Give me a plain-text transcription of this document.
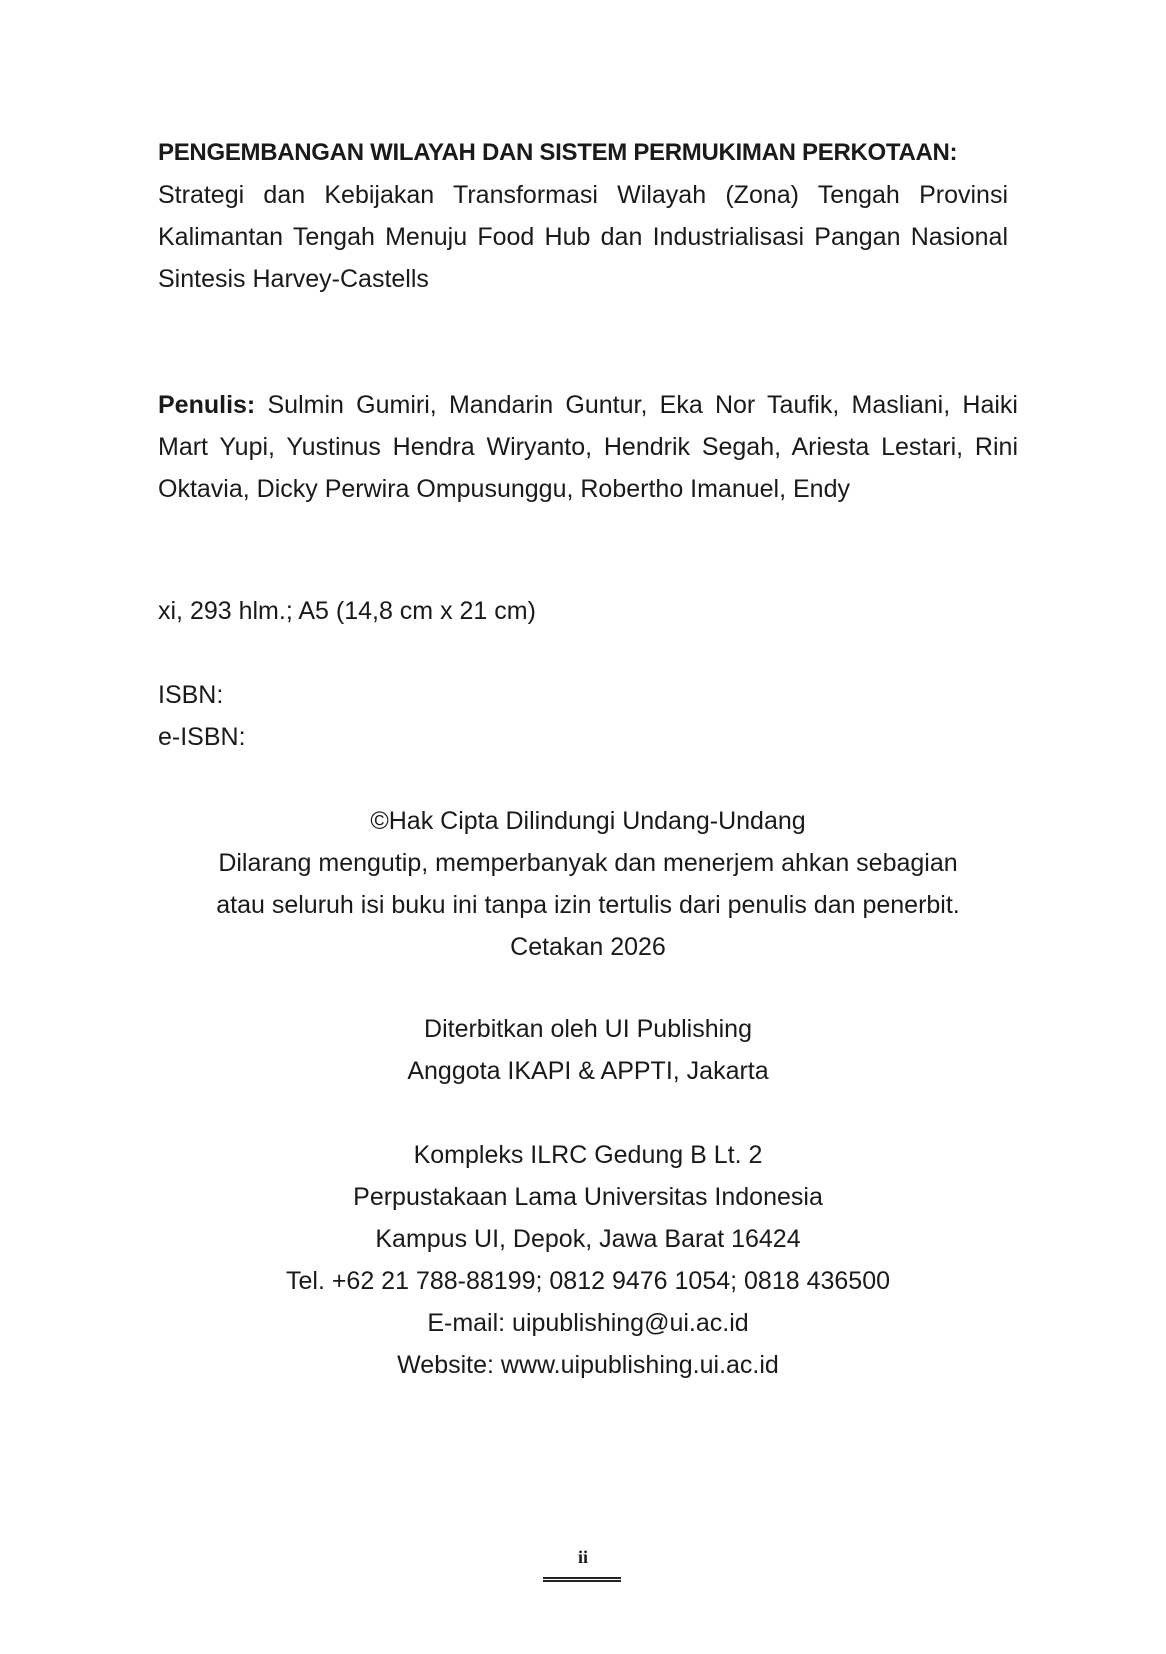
PENGEMBANGAN WILAYAH DAN SISTEM PERMUKIMAN PERKOTAAN:
Strategi dan Kebijakan Transformasi Wilayah (Zona) Tengah Provinsi Kalimantan Tengah Menuju Food Hub dan Industrialisasi Pangan Nasional Sintesis Harvey-Castells
Penulis: Sulmin Gumiri, Mandarin Guntur, Eka Nor Taufik, Masliani, Haiki Mart Yupi, Yustinus Hendra Wiryanto, Hendrik Segah, Ariesta Lestari, Rini Oktavia, Dicky Perwira Ompusunggu, Robertho Imanuel, Endy
xi, 293 hlm.; A5 (14,8 cm x 21 cm)
ISBN:
e-ISBN:
©Hak Cipta Dilindungi Undang-Undang
Dilarang mengutip, memperbanyak dan menerjem ahkan sebagian
atau seluruh isi buku ini tanpa izin tertulis dari penulis dan penerbit.
Cetakan 2026
Diterbitkan oleh UI Publishing
Anggota IKAPI & APPTI, Jakarta
Kompleks ILRC Gedung B Lt. 2
Perpustakaan Lama Universitas Indonesia
Kampus UI, Depok, Jawa Barat 16424
Tel. +62 21 788-88199; 0812 9476 1054; 0818 436500
E-mail: uipublishing@ui.ac.id
Website: www.uipublishing.ui.ac.id
ii
